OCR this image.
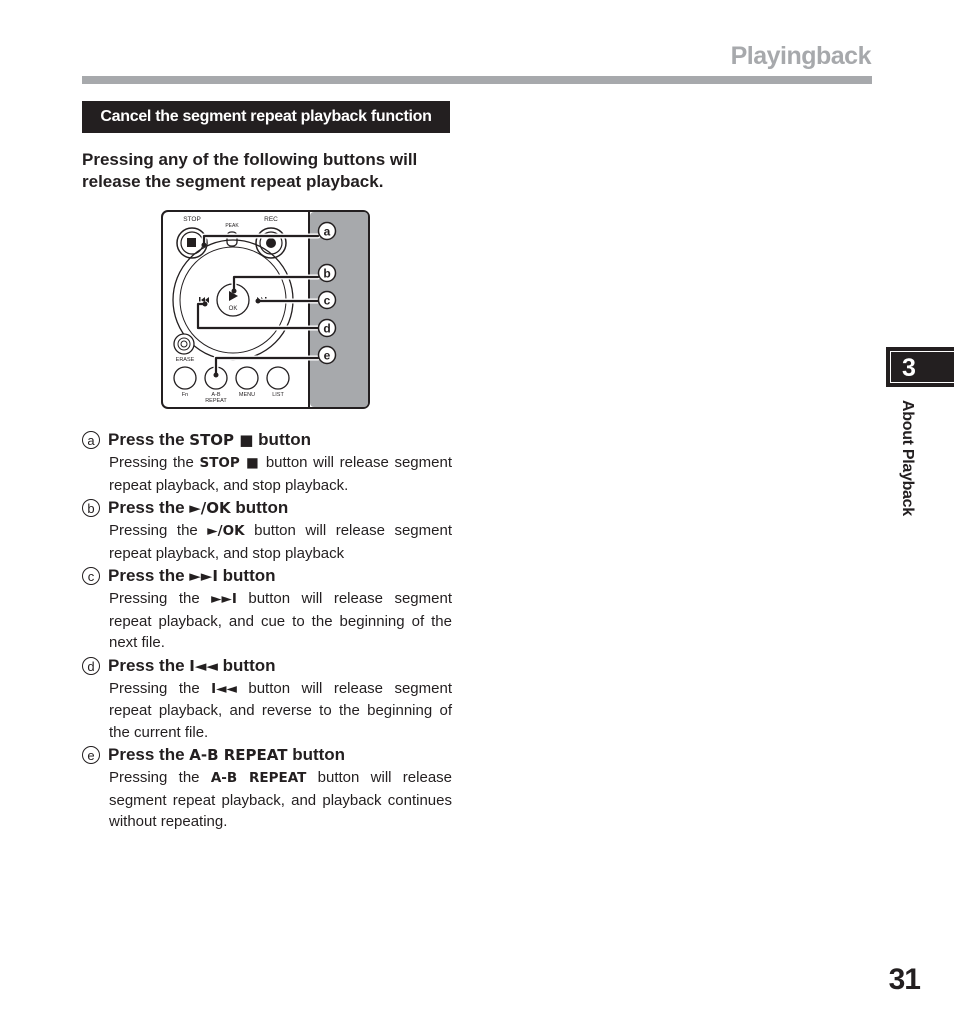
Playingback
Cancel the segment repeat playback function
Pressing any of the following buttons will release the segment repeat playback.
STOP
PEAK
REC
OK
ERASE
Fn	A-B
REPEAT
MENU	LIST
a
b
c
d
e
a Press the STOP ■ button
Pressing the STOP ■ button will release segment repeat playback, and stop playback.
b Press the ►/OK button
Pressing the ►/OK button will release segment repeat playback, and stop playback
c Press the ►►I button
Pressing the ►►I button will release segment repeat playback, and cue to the beginning of the next file.
d Press the I◄◄ button
Pressing the I◄◄ button will release segment repeat playback, and reverse to the beginning of the current file.
e Press the A-B REPEAT button
Pressing the A-B REPEAT button will release segment repeat playback, and playback continues without repeating.
3
About Playback
31
